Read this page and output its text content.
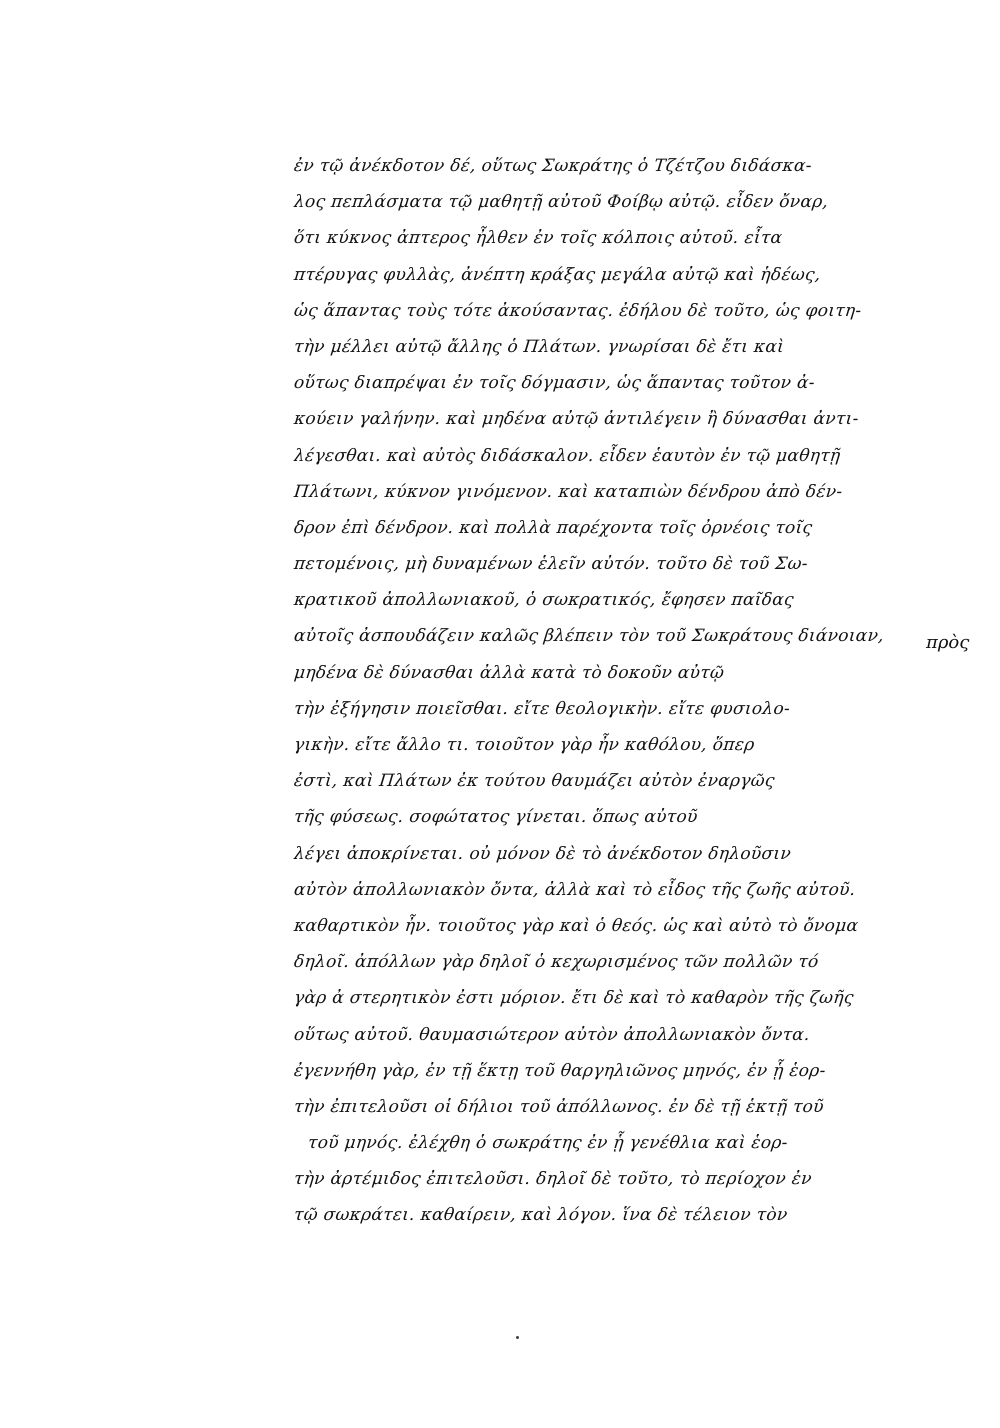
ἐν τῷ ἀνέκδοτον δέ, οὕτως Σωκράτης ὁ Τζέτζου διδάσκα-
λος πεπλάσματα τῷ μαθητῇ αὐτοῦ Φοίβῳ αὐτῷ. εἶδεν ὄναρ,
ὅτι κύκνος ἀπτερος ἦλθεν ἐν τοῖς κόλποις αὐτοῦ. εἶτα
πτέρυγας φυλλὰς, ἀνέπτη κράξας μεγάλα αὐτῷ καὶ ἡδέως,
ὡς ἅπαντας τοὺς τότε ἀκούσαντας. ἐδήλου δὲ τοῦτο, ὡς φοιτη-
τὴν μέλλει αὐτῷ ἄλλης ὁ Πλάτων. γνωρίσαι δὲ ἔτι καὶ
οὕτως διαπρέψαι ἐν τοῖς δόγμασιν, ὡς ἅπαντας τοῦτον ἀ-
κούειν γαλήνην. καὶ μηδένα αὐτῷ ἀντιλέγειν ἢ δύνασθαι ἀντι-
λέγεσθαι. καὶ αὐτὸς διδάσκαλον. εἶδεν ἑαυτὸν ἐν τῷ μαθητῇ
Πλάτωνι, κύκνον γινόμενον. καὶ καταπιὼν δένδρου ἀπὸ δέν-
δρον ἐπὶ δένδρον. καὶ πολλὰ παρέχοντα τοῖς ὀρνέοις τοῖς
πετομένοις, μὴ δυναμένων ἑλεῖν αὐτόν. τοῦτο δὲ τοῦ Σω-
κρατικοῦ ἀπολλωνιακοῦ, ὁ σωκρατικός, ἔφησεν παῖδας
αὐτοῖς ἀσπουδάζειν καλῶς βλέπειν τὸν τοῦ Σωκράτους διάνοιαν,
μηδένα δὲ δύνασθαι ἀλλὰ κατὰ τὸ δοκοῦν αὐτῷ
τὴν ἐξήγησιν ποιεῖσθαι. εἴτε θεολογικὴν. εἴτε φυσιολο-
γικὴν. εἴτε ἄλλο τι. τοιοῦτον γὰρ ἦν καθόλου, ὅπερ
ἐστὶ, καὶ Πλάτων ἐκ τούτου θαυμάζει αὐτὸν ἐναργῶς
τῆς φύσεως. σοφώτατος γίνεται. ὅπως αὐτοῦ
λέγει ἀποκρίνεται. οὐ μόνον δὲ τὸ ἀνέκδοτον δηλοῦσιν
αὐτὸν ἀπολλωνιακὸν ὄντα, ἀλλὰ καὶ τὸ εἶδος τῆς ζωῆς αὐτοῦ.
καθαρτικὸν ἦν. τοιοῦτος γὰρ καὶ ὁ θεός. ὡς καὶ αὐτὸ τὸ ὄνομα
δηλοῖ. ἀπόλλων γὰρ δηλοῖ ὁ κεχωρισμένος τῶν πολλῶν τό
γὰρ ἀ στερητικὸν ἐστι μόριον. ἔτι δὲ καὶ τὸ καθαρὸν τῆς ζωῆς
οὕτως αὐτοῦ. θαυμασιώτερον αὐτὸν ἀπολλωνιακὸν ὄντα.
ἐγεννήθη γὰρ, ἐν τῇ ἕκτῃ τοῦ θαργηλιῶνος μηνός, ἐν ᾗ ἑορ-
τὴν ἐπιτελοῦσι οἱ δήλιοι τοῦ ἀπόλλωνος. ἐν δὲ τῇ ἑκτῇ τοῦ
τοῦ μηνός. ἐλέχθη ὁ σωκράτης ἐν ᾗ γενέθλια καὶ ἑορ-
τὴν ἀρτέμιδος ἐπιτελοῦσι. δηλοῖ δὲ τοῦτο, τὸ περίοχον ἐν
τῷ σωκράτει. καθαίρειν, καὶ λόγον. ἵνα δὲ τέλειον τὸν
πρὸς
